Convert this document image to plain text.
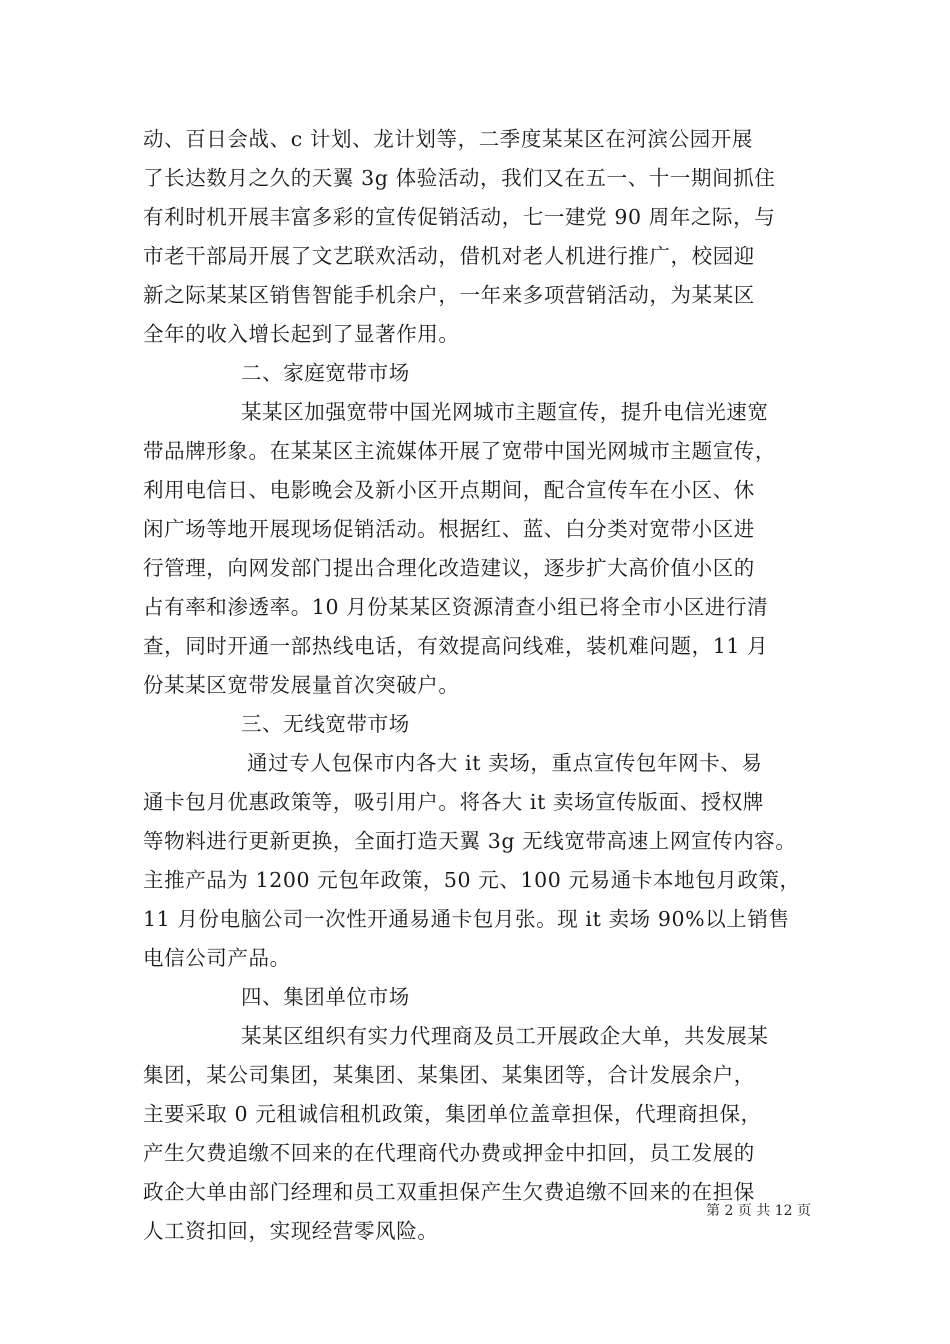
动、百日会战、c 计划、龙计划等，二季度某某区在河滨公园开展
了长达数月之久的天翼 3g 体验活动，我们又在五一、十一期间抓住
有利时机开展丰富多彩的宣传促销活动，七一建党 90 周年之际，与
市老干部局开展了文艺联欢活动，借机对老人机进行推广，校园迎
新之际某某区销售智能手机余户，一年来多项营销活动，为某某区
全年的收入增长起到了显著作用。
二、家庭宽带市场
某某区加强宽带中国光网城市主题宣传，提升电信光速宽
带品牌形象。在某某区主流媒体开展了宽带中国光网城市主题宣传，
利用电信日、电影晚会及新小区开点期间，配合宣传车在小区、休
闲广场等地开展现场促销活动。根据红、蓝、白分类对宽带小区进
行管理，向网发部门提出合理化改造建议，逐步扩大高价值小区的
占有率和渗透率。10 月份某某区资源清查小组已将全市小区进行清
查，同时开通一部热线电话，有效提高问线难，装机难问题，11 月
份某某区宽带发展量首次突破户。
三、无线宽带市场
通过专人包保市内各大 it 卖场，重点宣传包年网卡、易
通卡包月优惠政策等，吸引用户。将各大 it 卖场宣传版面、授权牌
等物料进行更新更换，全面打造天翼 3g 无线宽带高速上网宣传内容。
主推产品为 1200 元包年政策，50 元、100 元易通卡本地包月政策，
11 月份电脑公司一次性开通易通卡包月张。现 it 卖场 90%以上销售
电信公司产品。
四、集团单位市场
某某区组织有实力代理商及员工开展政企大单，共发展某
集团，某公司集团，某集团、某集团、某集团等，合计发展余户，
主要采取 0 元租诚信租机政策，集团单位盖章担保，代理商担保，
产生欠费追缴不回来的在代理商代办费或押金中扣回，员工发展的
政企大单由部门经理和员工双重担保产生欠费追缴不回来的在担保
人工资扣回，实现经营零风险。
第 2 页 共 12 页
